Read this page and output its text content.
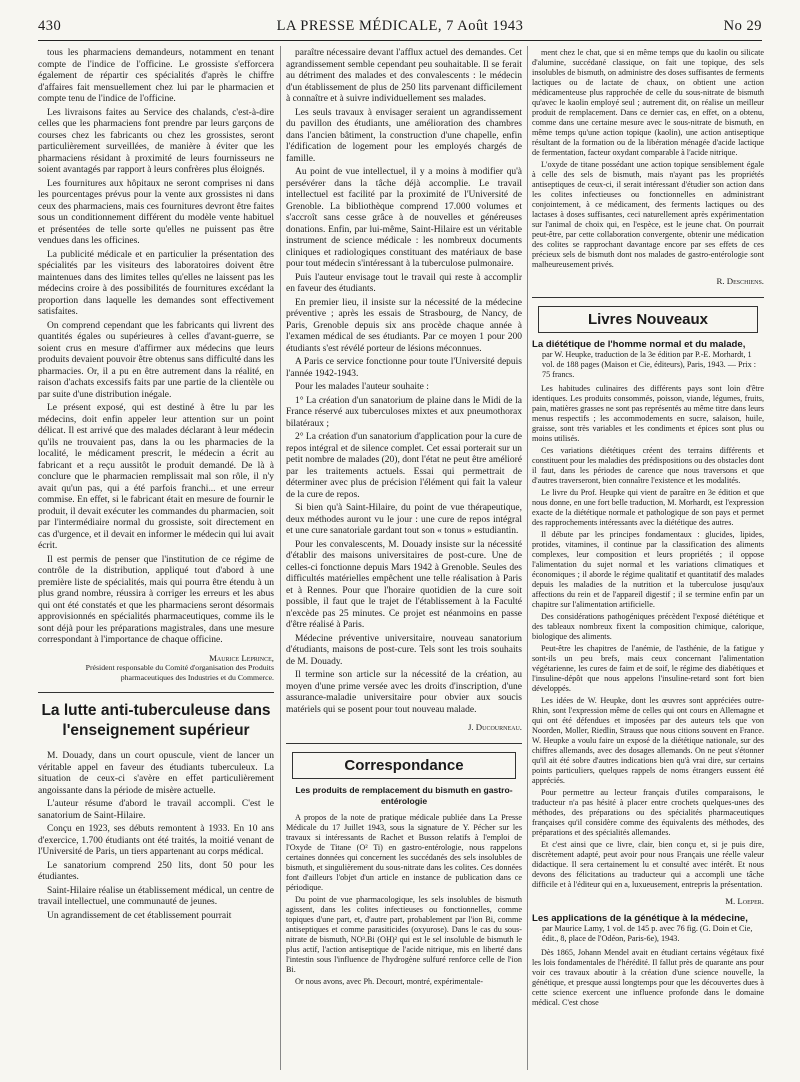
430	LA PRESSE MÉDICALE, 7 Août 1943	No 29

tous les pharmaciens demandeurs, notamment en tenant compte de l'indice de l'officine. Le grossiste s'efforcera également de répartir ces spécialités d'après le chiffre d'affaires fait mensuellement chez lui par le pharmacien et compte tenu de l'indice de l'officine.

Les livraisons faites au Service des chalands, c'est-à-dire celles que les pharmaciens font prendre par leurs garçons de courses chez les fabricants ou chez les grossistes, seront particulièrement surveillées, de manière à éviter que les pharmaciens résidant à proximité de leurs fournisseurs ne soient avantagés par rapport à leurs confrères plus éloignés.

Les fournitures aux hôpitaux ne seront comprises ni dans les pourcentages prévus pour la vente aux grossistes ni dans ceux des pharmaciens, mais ces fournitures devront être faites sous un conditionnement différent du modèle vente habituel et présentées de telle sorte qu'elles ne puissent pas être vendues dans les officines.

La publicité médicale et en particulier la présentation des spécialités par les visiteurs des laboratoires doivent être maintenues dans des limites telles qu'elles ne laissent pas les médecins croire à des possibilités de fournitures excédant la proportion dans laquelle les demandes sont effectivement satisfaites.

On comprend cependant que les fabricants qui livrent des quantités égales ou supérieures à celles d'avant-guerre, se soient crus en mesure d'affirmer aux médecins que leurs produits devaient pouvoir être obtenus sans difficulté dans les pharmacies. Or, il a pu en être autrement dans la réalité, en raison d'achats excessifs faits par une partie de la clientèle ou par suite d'une distribution inégale.

Le présent exposé, qui est destiné à être lu par les médecins, doit enfin appeler leur attention sur un point délicat. Il est arrivé que des malades déclarant à leur médecin qu'ils ne trouvaient pas, dans la ou les pharmacies de la localité, le médicament prescrit, le médecin a écrit au fabricant et a reçu aussitôt le produit demandé. De là à conclure que le pharmacien remplissait mal son rôle, il n'y avait qu'un pas, qui a été parfois franchi... et une erreur commise. En effet, si le fabricant était en mesure de fournir le produit, il devait exécuter les commandes du pharmacien, soit par l'intermédiaire normal du grossiste, soit directement en cas d'urgence, et il devait en informer le médecin qui lui avait écrit.

Il est permis de penser que l'institution de ce régime de contrôle de la distribution, appliqué tout d'abord à une première liste de spécialités, mais qui pourra être étendu à un plus grand nombre, réussira à corriger les erreurs et les abus qui ont été constatés et que les pharmaciens seront désormais approvisionnés en spécialités pharmaceutiques, comme ils le sont déjà pour les préparations magistrales, dans une mesure correspondant à l'importance de chaque officine.

Maurice Leprince,
Président responsable du Comité d'organisation des Produits pharmaceutiques des Industries et du Commerce.
La lutte anti-tuberculeuse dans l'enseignement supérieur

M. Douady, dans un court opuscule, vient de lancer un véritable appel en faveur des étudiants tuberculeux. La situation de ceux-ci s'avère en effet particulièrement angoissante dans la période de misère actuelle.

L'auteur résume d'abord le travail accompli. C'est le sanatorium de Saint-Hilaire.

Conçu en 1923, ses débuts remontent à 1933. En 10 ans d'exercice, 1.700 étudiants ont été traités, la moitié venant de l'Université de Paris, un tiers appartenant au corps médical.

Le sanatorium comprend 250 lits, dont 50 pour les étudiantes.

Saint-Hilaire réalise un établissement médical, un centre de travail intellectuel, une communauté de jeunes.

Un agrandissement de cet établissement pourrait

paraître nécessaire devant l'afflux actuel des demandes. Cet agrandissement semble cependant peu souhaitable. Il se ferait au détriment des malades et des convalescents : le médecin d'un établissement de plus de 250 lits parvenant difficilement à connaître et à suivre individuellement ses malades.

Les seuls travaux à envisager seraient un agrandissement du pavillon des étudiants, une amélioration des chambres dans l'ancien bâtiment, la construction d'une chapelle, enfin l'édification de logement pour les employés chargés de famille.

Au point de vue intellectuel, il y a moins à modifier qu'à persévérer dans la tâche déjà accomplie. Le travail intellectuel est facilité par la proximité de l'Université de Grenoble. La bibliothèque comprend 17.000 volumes et s'accroît sans cesse grâce à de nouvelles et généreuses donations. Enfin, par lui-même, Saint-Hilaire est un véritable instrument de science médicale : les nombreux documents cliniques et radiologiques constituant des matériaux de base pour tout médecin s'intéressant à la tuberculose pulmonaire.

Puis l'auteur envisage tout le travail qui reste à accomplir en faveur des étudiants.

En premier lieu, il insiste sur la nécessité de la médecine préventive ; après les essais de Strasbourg, de Nancy, de Paris, Grenoble depuis six ans procède chaque année à l'examen médical de ses étudiants. Par ce moyen 1 pour 200 étudiants s'est révélé porteur de lésions méconnues.

A Paris ce service fonctionne pour toute l'Université depuis l'année 1942-1943.

Pour les malades l'auteur souhaite :

1° La création d'un sanatorium de plaine dans le Midi de la France réservé aux tuberculoses mixtes et aux pneumothorax bilatéraux ;

2° La création d'un sanatorium d'application pour la cure de repos intégral et de silence complet. Cet essai porterait sur un petit nombre de malades (20), dont l'état ne peut être amélioré par les traitements actuels. Essai qui permettrait de déterminer avec plus de précision l'élément qui fait la valeur de la cure de repos.

Si bien qu'à Saint-Hilaire, du point de vue thérapeutique, deux méthodes auront vu le jour : une cure de repos intégral et une cure sanatoriale gardant tout son « tonus » estudiantin.

Pour les convalescents, M. Douady insiste sur la nécessité d'établir des maisons universitaires de post-cure. Une de celles-ci fonctionne depuis Mars 1942 à Grenoble. Seules des difficultés matérielles empêchent une telle réalisation à Paris et à Rennes. Pour que l'horaire quotidien de la cure soit possible, il faut que le trajet de l'établissement à la Faculté n'excède pas 25 minutes. Ce projet est néanmoins en passe d'être réalisé à Paris.

Médecine préventive universitaire, nouveau sanatorium d'étudiants, maisons de post-cure. Tels sont les trois souhaits de M. Douady.

Il termine son article sur la nécessité de la création, au moyen d'une prime versée avec les droits d'inscription, d'une assurance-maladie universitaire pour obvier aux soucis matériels qui se posent pour tout nouveau malade.

J. Ducourneau.
Correspondance
Les produits de remplacement du bismuth en gastro-entérologie

A propos de la note de pratique médicale publiée dans La Presse Médicale du 17 Juillet 1943, sous la signature de Y. Pécher sur les travaux si intéressants de Rachet et Busson relatifs à l'emploi de l'Oxyde de Titane (O² Ti) en gastro-entérologie, nous rappelons certaines données qui concernent les succédanés des sels insolubles de bismuth, et singulièrement du sous-nitrate dans les colites. Ces données font d'ailleurs l'objet d'un article en instance de publication dans ce périodique.

Du point de vue pharmacologique, les sels insolubles de bismuth agissent, dans les colites infectieuses ou fonctionnelles, comme topiques d'une part, et, d'autre part, probablement par l'ion Bi, comme antiseptiques et comme parasiticides (oxyurose). Dans le cas du sous-nitrate de bismuth, NO³.Bi (OH)² qui est le sel insoluble de bismuth le plus actif, l'action antiseptique de l'acide nitrique, mis en liberté dans l'intestin sous l'influence de l'hydrogène sulfuré renforce celle de l'ion Bi.

Or nous avons, avec Ph. Decourt, montré, expérimentale-

ment chez le chat, que si en même temps que du kaolin ou silicate d'alumine, succédané classique, on fait une topique, des sels insolubles de bismuth, on administre des doses suffisantes de ferments lactiques ou de lactate de chaux, on obtient une action médicamenteuse plus rapprochée de celle du sous-nitrate de bismuth qu'avec le kaolin employé seul ; autrement dit, on réalise un meilleur produit de remplacement. Dans ce dernier cas, en effet, on a obtenu, comme dans une certaine mesure avec le sous-nitrate de bismuth, en même temps qu'une action topique (kaolin), une action antiseptique résultant de la formation ou de la libération ménagée d'acide lactique de fermentation, facteur oxydant comparable à l'acide nitrique.

L'oxyde de titane possédant une action topique sensiblement égale à celle des sels de bismuth, mais n'ayant pas les propriétés antiseptiques de ceux-ci, il serait intéressant d'étudier son action dans les colites infectieuses ou fonctionnelles en administrant conjointement, à ce médicament, des ferments lactiques ou des lactases à doses suffisantes, ceci naturellement après expérimentation sur l'animal de choix qui, en l'espèce, est le jeune chat. On pourrait peut-être, par cette collaboration convergente, obtenir une médication des colites se rapprochant davantage encore par ses effets de ces précieux sels de bismuth dont nos malades de gastro-entérologie sont malheureusement privés.

R. Deschiens.
Livres Nouveaux
La diététique de l'homme normal et du malade,
par W. Heupke, traduction de la 3e édition par P.-E. Morhardt, 1 vol. de 188 pages (Maison et Cie, éditeurs), Paris, 1943. — Prix : 75 francs.

Les habitudes culinaires des différents pays sont loin d'être identiques. Les produits consommés, poisson, viande, légumes, fruits, pain, matières grasses ne sont pas représentés au même titre dans leurs menus respectifs ; les accommodements en sucre, salaison, huile, graisse, sont très variables et les condiments et épices sont plus ou moins utilisés.

Ces variations diététiques créent des terrains différents et constituent pour les maladies des prédispositions ou des obstacles dont il faut, dans les périodes de carence que nous traversons et que d'autres traverseront, bien connaître l'existence et les modalités.

Le livre du Prof. Heupke qui vient de paraître en 3e édition et que nous donne, en une fort belle traduction, M. Morhardt, est l'expression exacte de la diététique normale et pathologique de son pays et permet des rapprochements intéressants avec la diététique des autres.

Il débute par les principes fondamentaux : glucides, lipides, protides, vitamines, il continue par la classification des aliments complexes, leur composition et leurs propriétés ; il oppose l'alimentation du sujet normal et les variations climatiques et économiques ; il aborde le régime qualitatif et quantitatif des malades depuis les maladies de la nutrition et la tuberculose jusqu'aux affections du rein et de l'appareil digestif ; il se termine enfin par un chapitre sur l'alimentation artificielle.

Des considérations pathogéniques précèdent l'exposé diététique et des tableaux nombreux fixent la composition chimique, calorique, biologique des aliments.

Peut-être les chapitres de l'anémie, de l'asthénie, de la fatigue y sont-ils un peu brefs, mais ceux concernant l'alimentation végétarienne, les cures de faim et de soif, le régime des diabétiques et l'insuline-dépôt que nous appelons l'insuline-retard sont fort bien développés.

Les idées de W. Heupke, dont les œuvres sont appréciées outre-Rhin, sont l'expression même de celles qui ont cours en Allemagne et qui ont été défendues et imposées par des auteurs tels que von Noorden, Moller, Riedlin, Strauss que nous citions souvent en France. W. Heupke a voulu faire un exposé de la diététique nationale, sur des chiffres allemands, avec des dosages allemands. On ne peut s'étonner qu'il ait été sobre d'autres indications bien qu'à vrai dire, sur certains points particuliers, quelques rappels de noms étrangers eussent été appréciés.

Pour permettre au lecteur français d'utiles comparaisons, le traducteur n'a pas hésité à placer entre crochets quelques-unes des méthodes, des préparations ou des spécialités pharmaceutiques françaises qu'il considère comme des équivalents des méthodes, des préparations et des spécialités allemandes.

Et c'est ainsi que ce livre, clair, bien conçu et, si je puis dire, discrètement adapté, peut avoir pour nous Français une réelle valeur didactique. Il sera certainement lu et consulté avec intérêt. Et nous devons des félicitations au traducteur qui a accompli une tâche difficile et à l'éditeur qui en a, luxueusement, entrepris la présentation.

M. Loeper.
Les applications de la génétique à la médecine,
par Maurice Lamy, 1 vol. de 145 p. avec 76 fig. (G. Doin et Cie, édit., 8, place de l'Odéon, Paris-6e), 1943.

Dès 1865, Johann Mendel avait en étudiant certains végétaux fixé les lois fondamentales de l'hérédité. Il fallut près de quarante ans pour voir ces travaux aboutir à la création d'une science nouvelle, la génétique, et presque aussi longtemps pour que les découvertes dues à cette science exercent une influence profonde dans le domaine médical. C'est chose
